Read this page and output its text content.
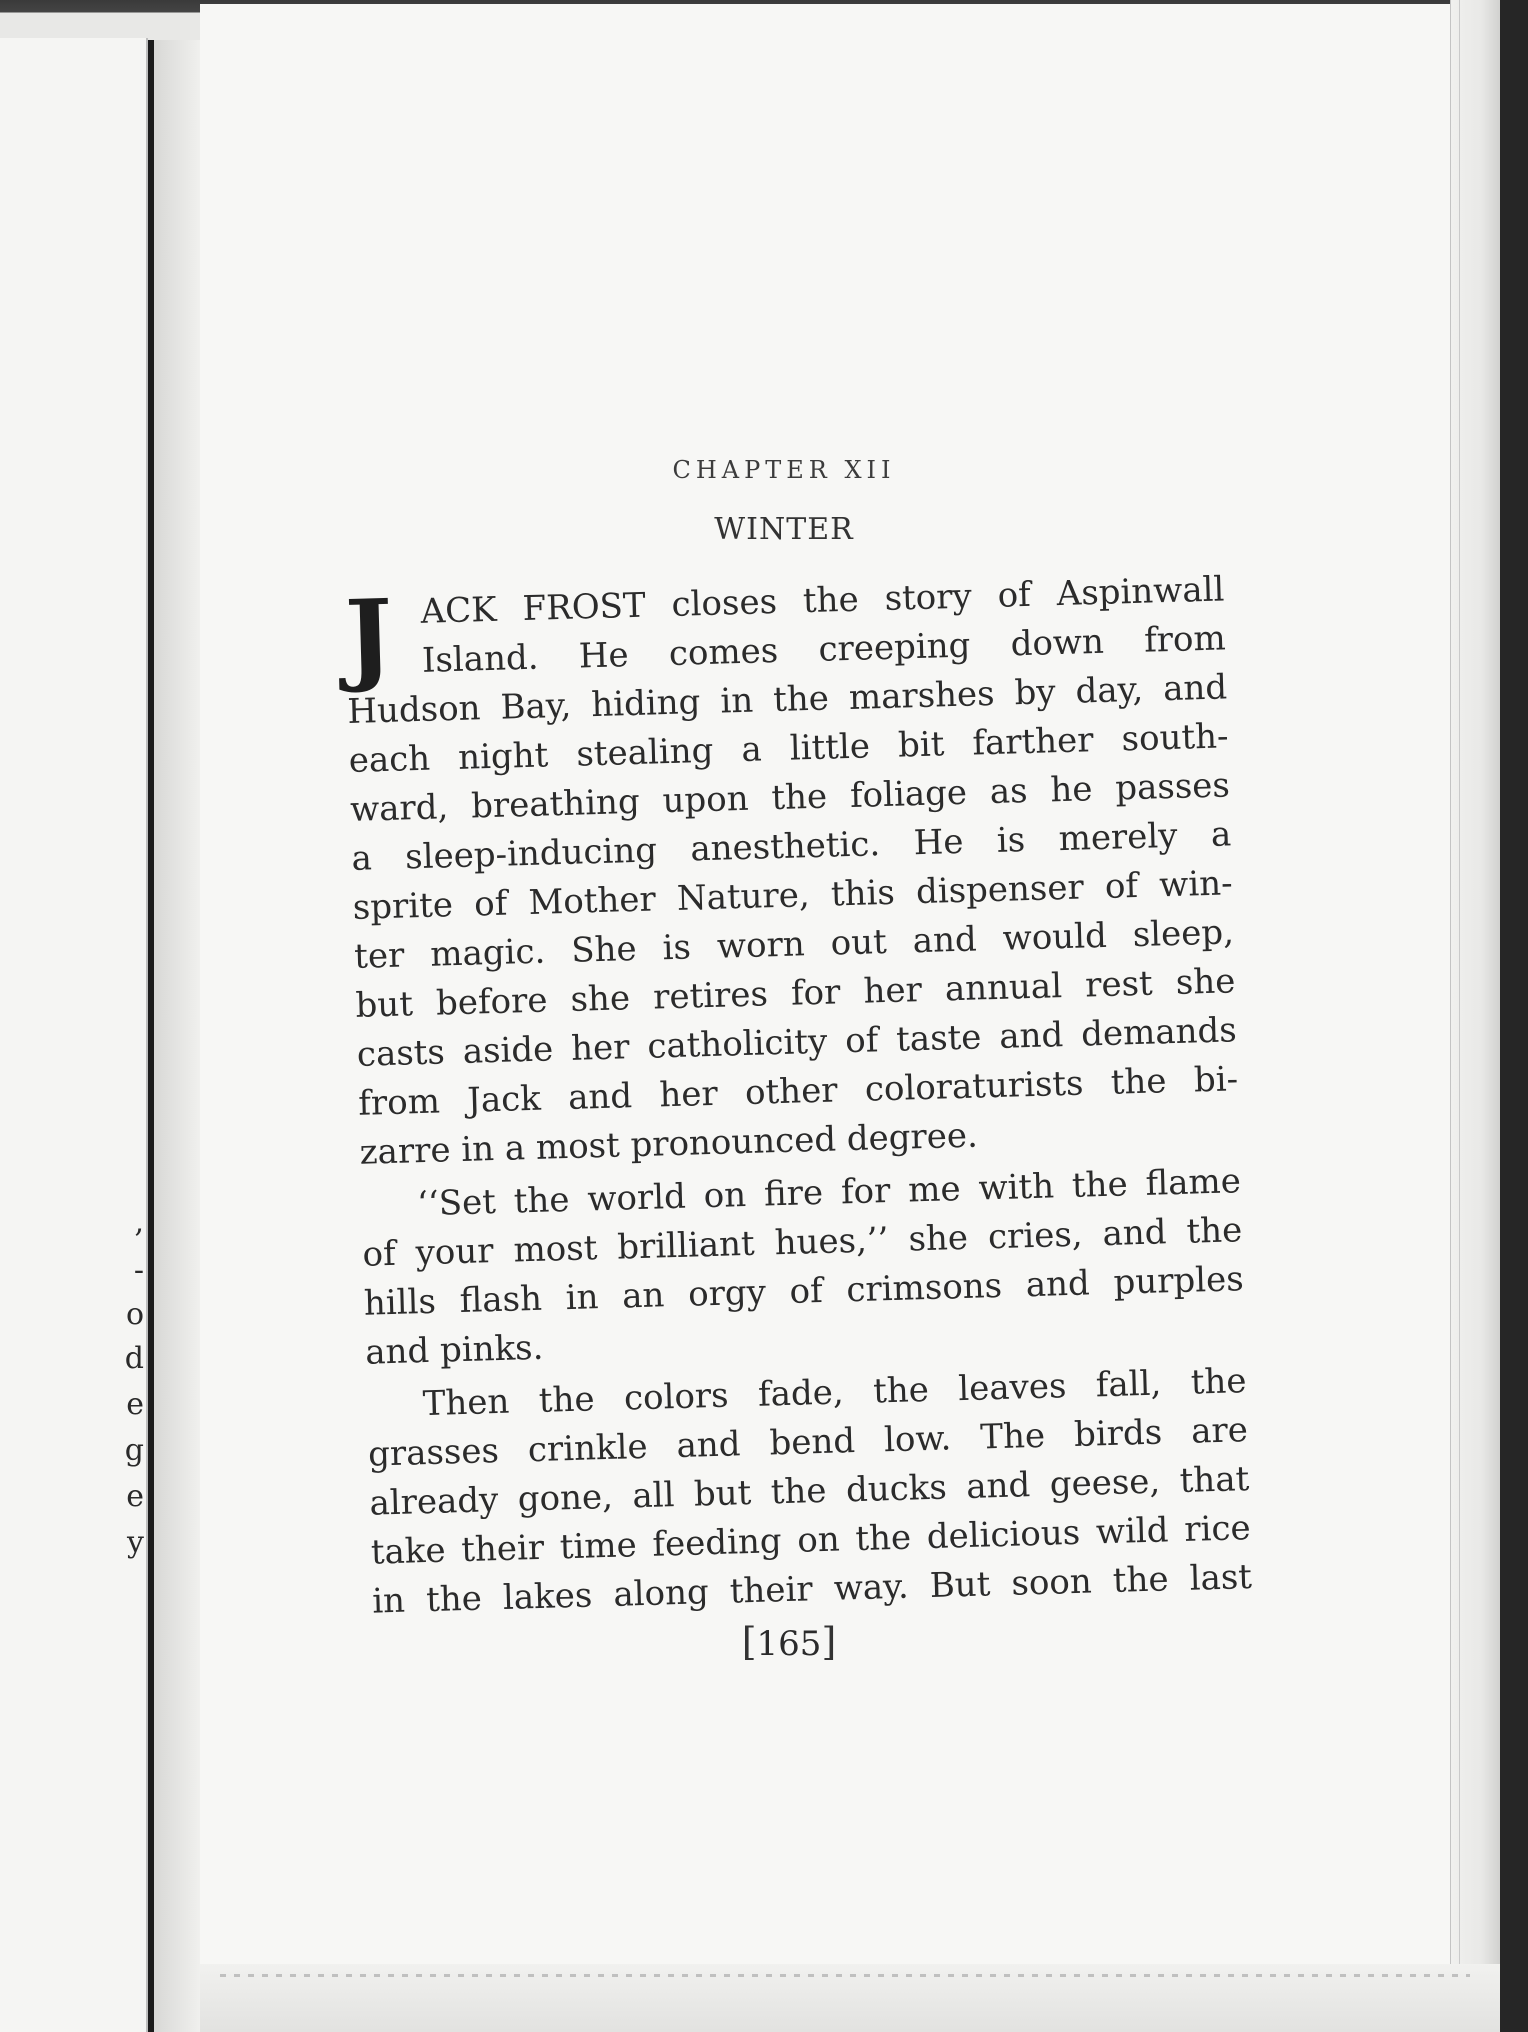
,
-
o
d
e
g
e
y
CHAPTER XII
WINTER
J ACK FROST closes the story of Aspinwall
Island. He comes creeping down from
Hudson Bay, hiding in the marshes by day, and
each night stealing a little bit farther south-
ward, breathing upon the foliage as he passes
a sleep-inducing anesthetic. He is merely a
sprite of Mother Nature, this dispenser of win-
ter magic. She is worn out and would sleep,
but before she retires for her annual rest she
casts aside her catholicity of taste and demands
from Jack and her other coloraturists the bi-
zarre in a most pronounced degree.
‘‘Set the world on fire for me with the flame
of your most brilliant hues,’’ she cries, and the
hills flash in an orgy of crimsons and purples
and pinks.
Then the colors fade, the leaves fall, the
grasses crinkle and bend low. The birds are
already gone, all but the ducks and geese, that
take their time feeding on the delicious wild rice
in the lakes along their way. But soon the last
[165]
